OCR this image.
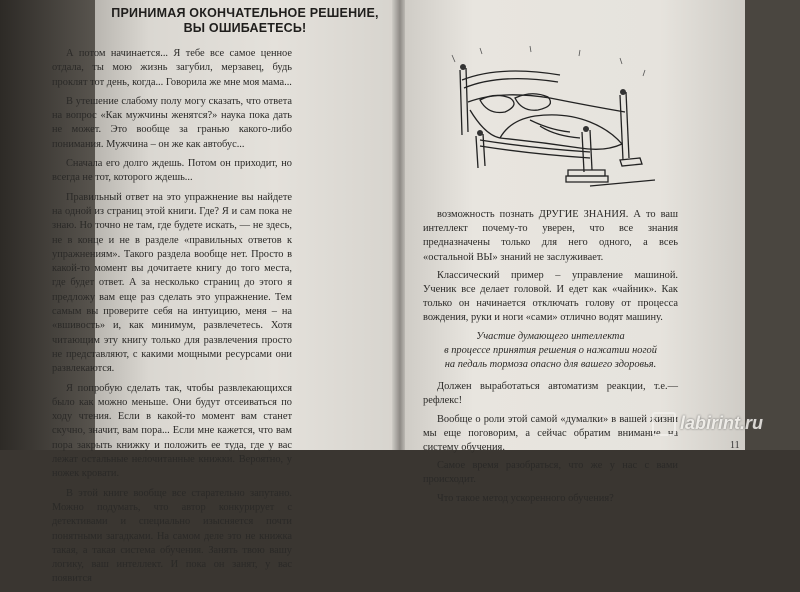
ПРИНИМАЯ ОКОНЧАТЕЛЬНОЕ РЕШЕНИЕ,
ВЫ ОШИБАЕТЕСЬ!

А потом начинается... Я тебе все самое ценное отдала, ты мою жизнь загубил, мерзавец, будь проклят тот день, когда... Говорила же мне моя мама...

В утешение слабому полу могу сказать, что ответа на вопрос «Как мужчины женятся?» наука пока дать не может. Это вообще за гранью какого-либо понимания. Мужчина – он же как автобус...

Сначала его долго ждешь. Потом он приходит, но всегда не тот, которого ждешь...

Правильный ответ на это упражнение вы найдете на одной из страниц этой книги. Где? Я и сам пока не знаю. Но точно не там, где будете искать, — не здесь, не в конце и не в разделе «правильных ответов к упражнениям». Такого раздела вообще нет. Просто в какой-то момент вы дочитаете книгу до того места, где будет ответ. А за несколько страниц до этого я предложу вам еще раз сделать это упражнение. Тем самым вы проверите себя на интуицию, меня – на «вшивость» и, как минимум, развлечетесь. Хотя читающим эту книгу только для развлечения просто не представляют, с какими мощными ресурсами они развлекаются.

Я попробую сделать так, чтобы развлекающихся было как можно меньше. Они будут отсеиваться по ходу чтения. Если в какой-то момент вам станет скучно, значит, вам пора... Если мне кажется, что вам пора закрыть книжку и положить ее туда, где у вас лежат остальные нелочитанные книжки. Вероятно, у ножек кровати.

В этой книге вообще все старательно запутано. Можно подумать, что автор конкурирует с детективами и специально изысняется почти понятными загадками. На самом деле это не книжка такая, а такая система обучения. Занять твою вашу логику, ваш интеллект. И пока он занят, у вас появится

возможность познать ДРУГИЕ ЗНАНИЯ. А то ваш интеллект почему-то уверен, что все знания предназначены только для него одного, а всеь «остальной ВЫ» знаний не заслуживает.

Классический пример – управление машиной. Ученик все делает головой. И едет как «чайник». Как только он начинается отключать голову от процесса вождения, руки и ноги «сами» отлично водят машину.

Участие думающего интеллекта

в процессе принятия решения о нажатии ногой

на педаль тормоза опасно для вашего здоровья.

Должен выработаться автоматизм реакции, т.е.— рефлекс!

Вообще о роли этой самой «думалки» в вашей жизни мы еще поговорим, а сейчас обратим внимание на систему обучения.

Самое время разобраться, что же у нас с вами происходит.

Что такое метод ускоренного обучения?

11
labirint.ru
